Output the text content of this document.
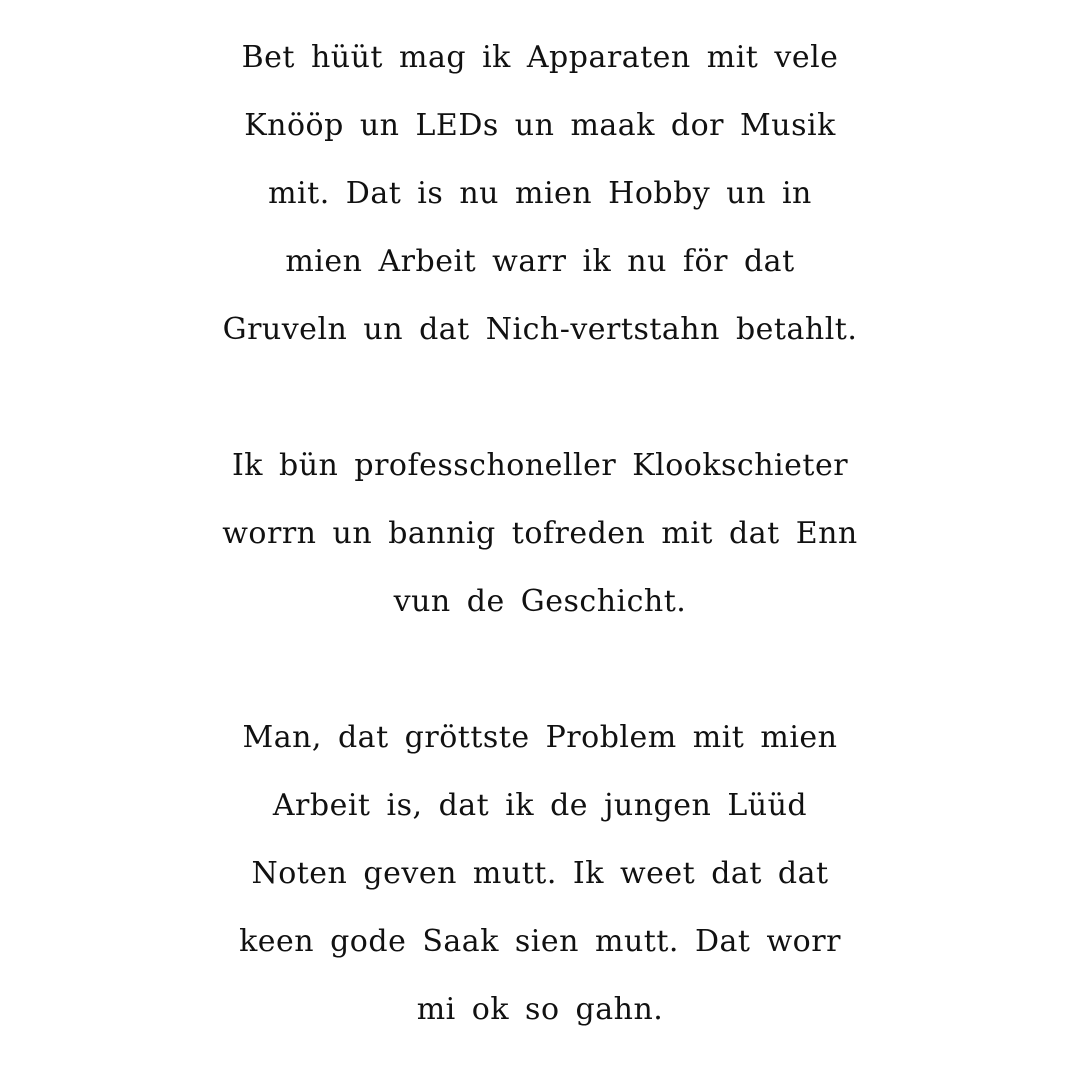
Bet hüüt mag ik Apparaten mit vele
Knööp un LEDs un maak dor Musik
mit. Dat is nu mien Hobby un in
mien Arbeit warr ik nu för dat
Gruveln un dat Nich-vertstahn betahlt.

Ik bün professchoneller Klookschieter
worrn un bannig tofreden mit dat Enn
vun de Geschicht.

Man, dat gröttste Problem mit mien
Arbeit is, dat ik de jungen Lüüd
Noten geven mutt. Ik weet dat dat
keen gode Saak sien mutt. Dat worr
mi ok so gahn.
